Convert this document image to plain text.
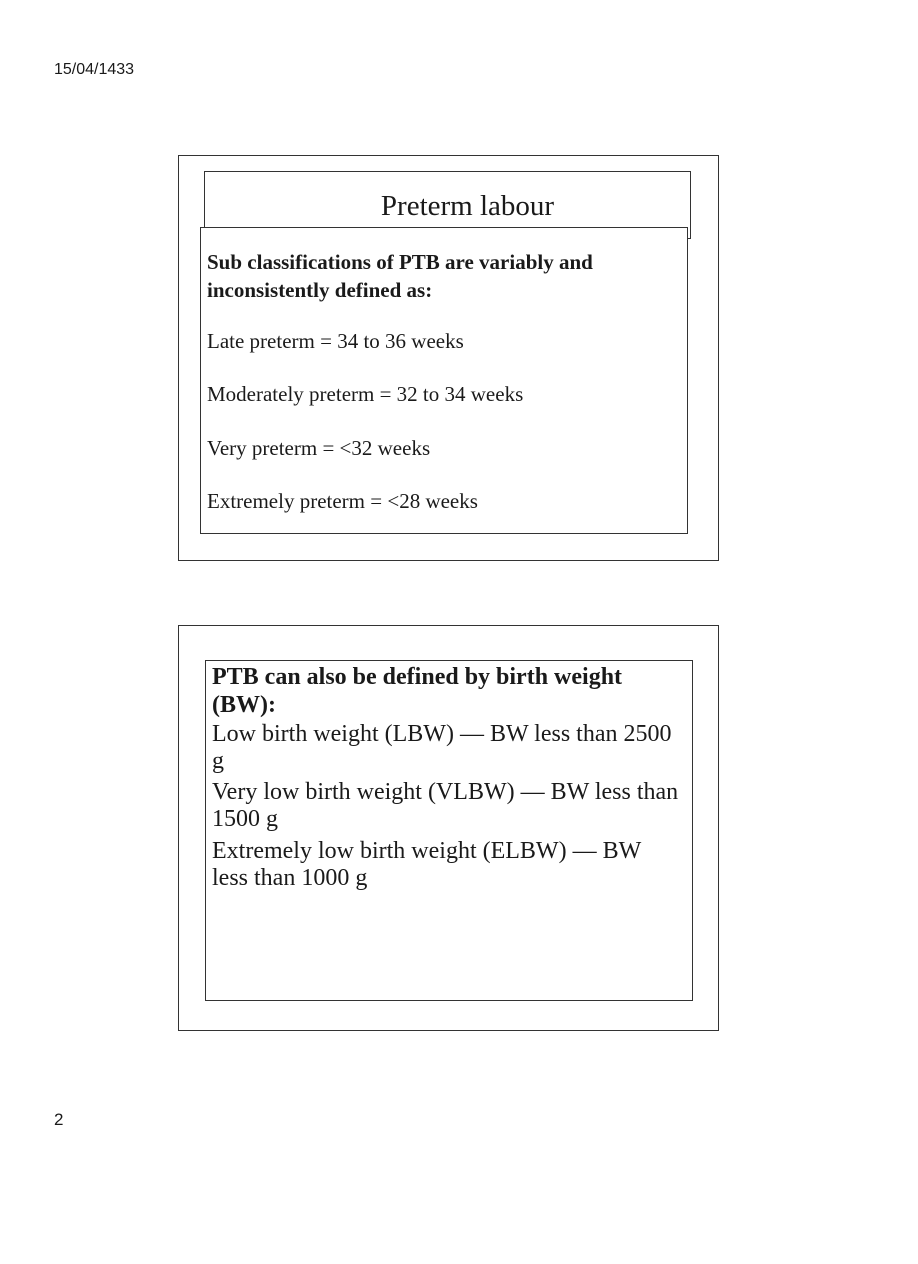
15/04/1433
Preterm labour
Sub classifications of PTB are variably and inconsistently defined as:
Late preterm = 34 to 36 weeks
Moderately preterm = 32 to 34 weeks
Very preterm = <32 weeks
Extremely preterm = <28 weeks
PTB can also be defined by birth weight (BW):
Low birth weight (LBW) — BW less than 2500 g
Very low birth weight (VLBW) — BW less than 1500 g
Extremely low birth weight (ELBW) — BW less than 1000 g
2
